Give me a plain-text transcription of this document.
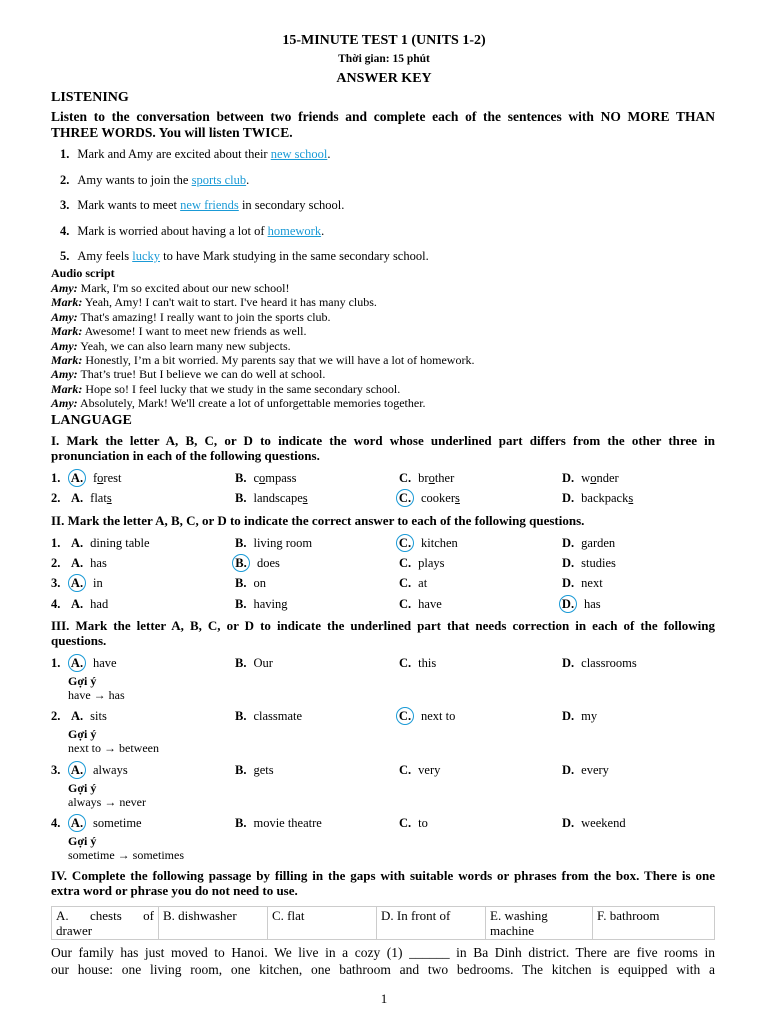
15-MINUTE TEST 1 (UNITS 1-2)
Thời gian: 15 phút
ANSWER KEY
LISTENING
Listen to the conversation between two friends and complete each of the sentences with NO MORE THAN
THREE WORDS. You will listen TWICE.
1. Mark and Amy are excited about their new school.
2. Amy wants to join the sports club.
3. Mark wants to meet new friends in secondary school.
4. Mark is worried about having a lot of homework.
5. Amy feels lucky to have Mark studying in the same secondary school.
Audio script
Amy: Mark, I'm so excited about our new school!
Mark: Yeah, Amy! I can't wait to start. I've heard it has many clubs.
Amy: That's amazing! I really want to join the sports club.
Mark: Awesome! I want to meet new friends as well.
Amy: Yeah, we can also learn many new subjects.
Mark: Honestly, I’m a bit worried. My parents say that we will have a lot of homework.
Amy: That’s true! But I believe we can do well at school.
Mark: Hope so! I feel lucky that we study in the same secondary school.
Amy: Absolutely, Mark! We'll create a lot of unforgettable memories together.
LANGUAGE
I. Mark the letter A, B, C, or D to indicate the word whose underlined part differs from the other three in
pronunciation in each of the following questions.
1. A. forest	B. compass	C. brother	D. wonder
2. A. flats	B. landscapes	C. cookers	D. backpacks
II. Mark the letter A, B, C, or D to indicate the correct answer to each of the following questions.
1. A. dining table	B. living room	C. kitchen	D. garden
2. A. has	B. does	C. plays	D. studies
3. A. in	B. on	C. at	D. next
4. A. had	B. having	C. have	D. has
III. Mark the letter A, B, C, or D to indicate the underlined part that needs correction in each of the following
questions.
1. A. have	B. Our	C. this	D. classrooms
Gợi ý
have → has
2. A. sits	B. classmate	C. next to	D. my
Gợi ý
next to → between
3. A. always	B. gets	C. very	D. every
Gợi ý
always → never
4. A. sometime	B. movie theatre	C. to	D. weekend
Gợi ý
sometime → sometimes
IV. Complete the following passage by filling in the gaps with suitable words or phrases from the box. There is one
extra word or phrase you do not need to use.
A. chests of drawer	B. dishwasher	C. flat	D. In front of	E. washing machine	F. bathroom
Our family has just moved to Hanoi. We live in a cozy (1) ______ in Ba Dinh district. There are five rooms in
our house: one living room, one kitchen, one bathroom and two bedrooms. The kitchen is equipped with a
1
